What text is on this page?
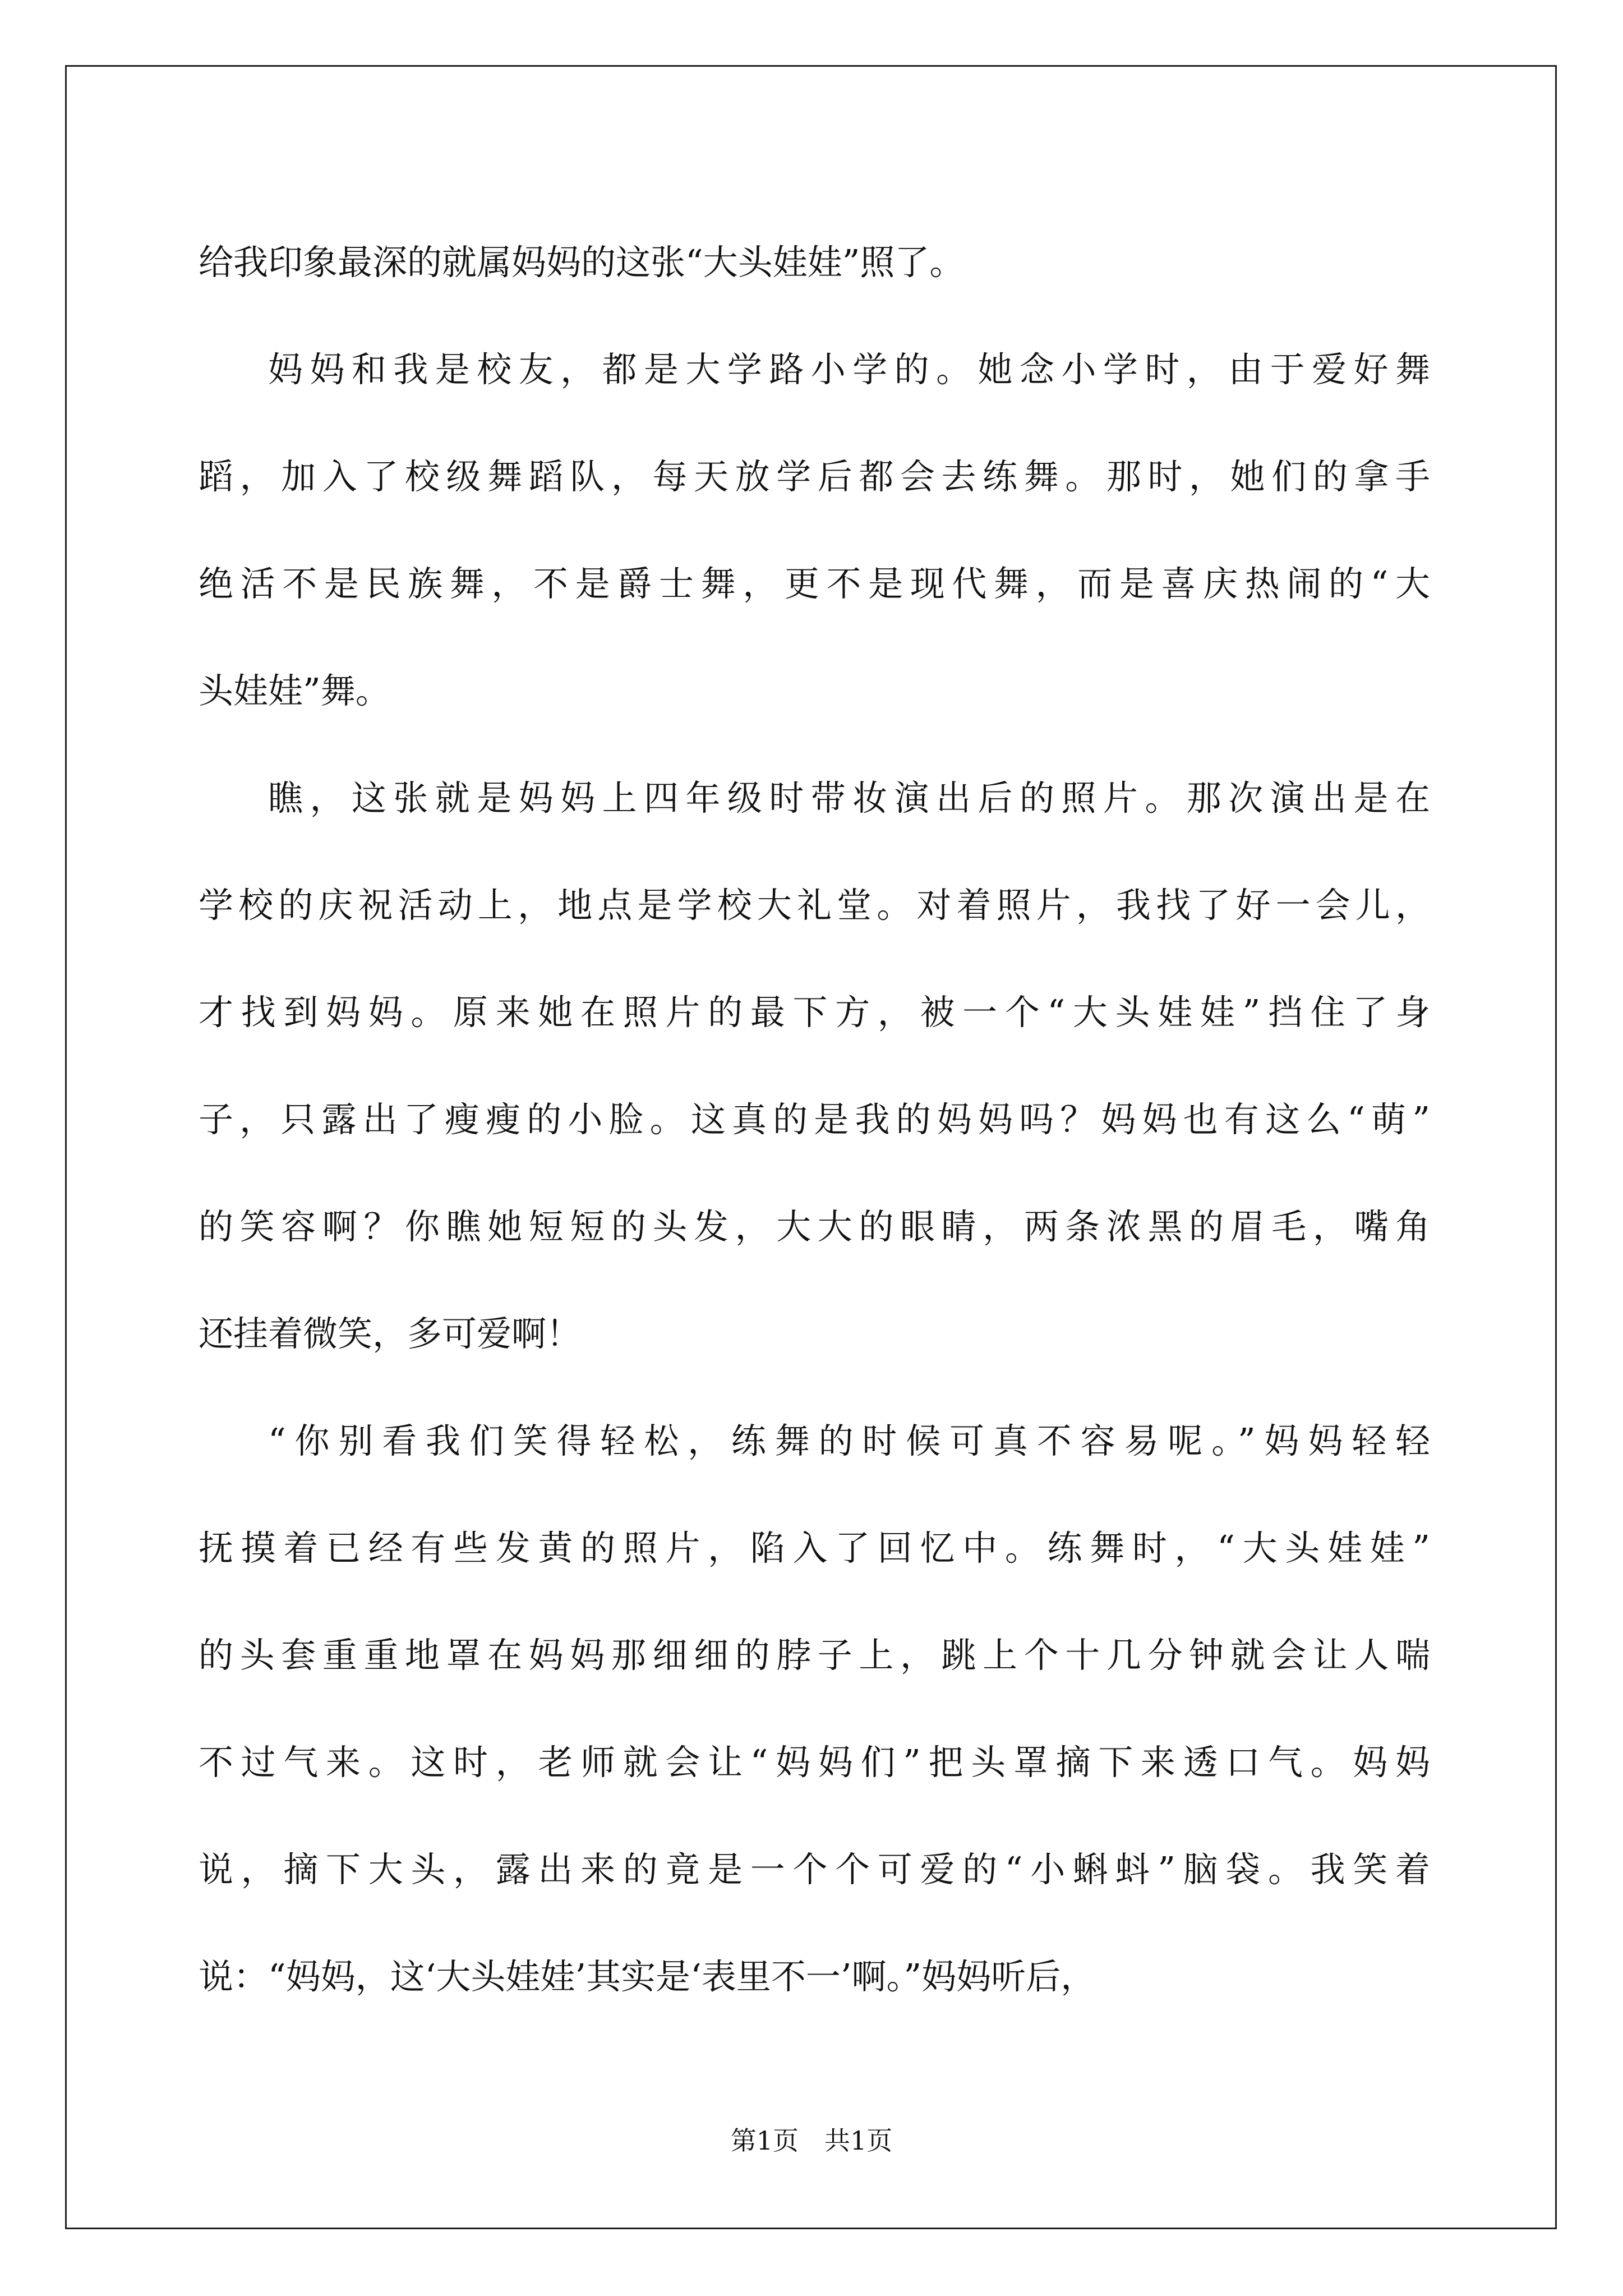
给我印象最深的就属妈妈的这张“大头娃娃”照了。
妈妈和我是校友，都是大学路小学的。她念小学时，由于爱好舞
蹈，加入了校级舞蹈队，每天放学后都会去练舞。那时，她们的拿手
绝活不是民族舞，不是爵士舞，更不是现代舞，而是喜庆热闹的“大
头娃娃”舞。
瞧，这张就是妈妈上四年级时带妆演出后的照片。那次演出是在
学校的庆祝活动上，地点是学校大礼堂。对着照片，我找了好一会儿，
才找到妈妈。原来她在照片的最下方，被一个“大头娃娃”挡住了身
子，只露出了瘦瘦的小脸。这真的是我的妈妈吗？妈妈也有这么“萌”
的笑容啊？你瞧她短短的头发，大大的眼睛，两条浓黑的眉毛，嘴角
还挂着微笑，多可爱啊！
“你别看我们笑得轻松，练舞的时候可真不容易呢。”妈妈轻轻
抚摸着已经有些发黄的照片，陷入了回忆中。练舞时，“大头娃娃”
的头套重重地罩在妈妈那细细的脖子上，跳上个十几分钟就会让人喘
不过气来。这时，老师就会让“妈妈们”把头罩摘下来透口气。妈妈
说，摘下大头，露出来的竟是一个个可爱的“小蝌蚪”脑袋。我笑着
说：“妈妈，这‘大头娃娃’其实是‘表里不一’啊。”妈妈听后，
第1页　共1页
